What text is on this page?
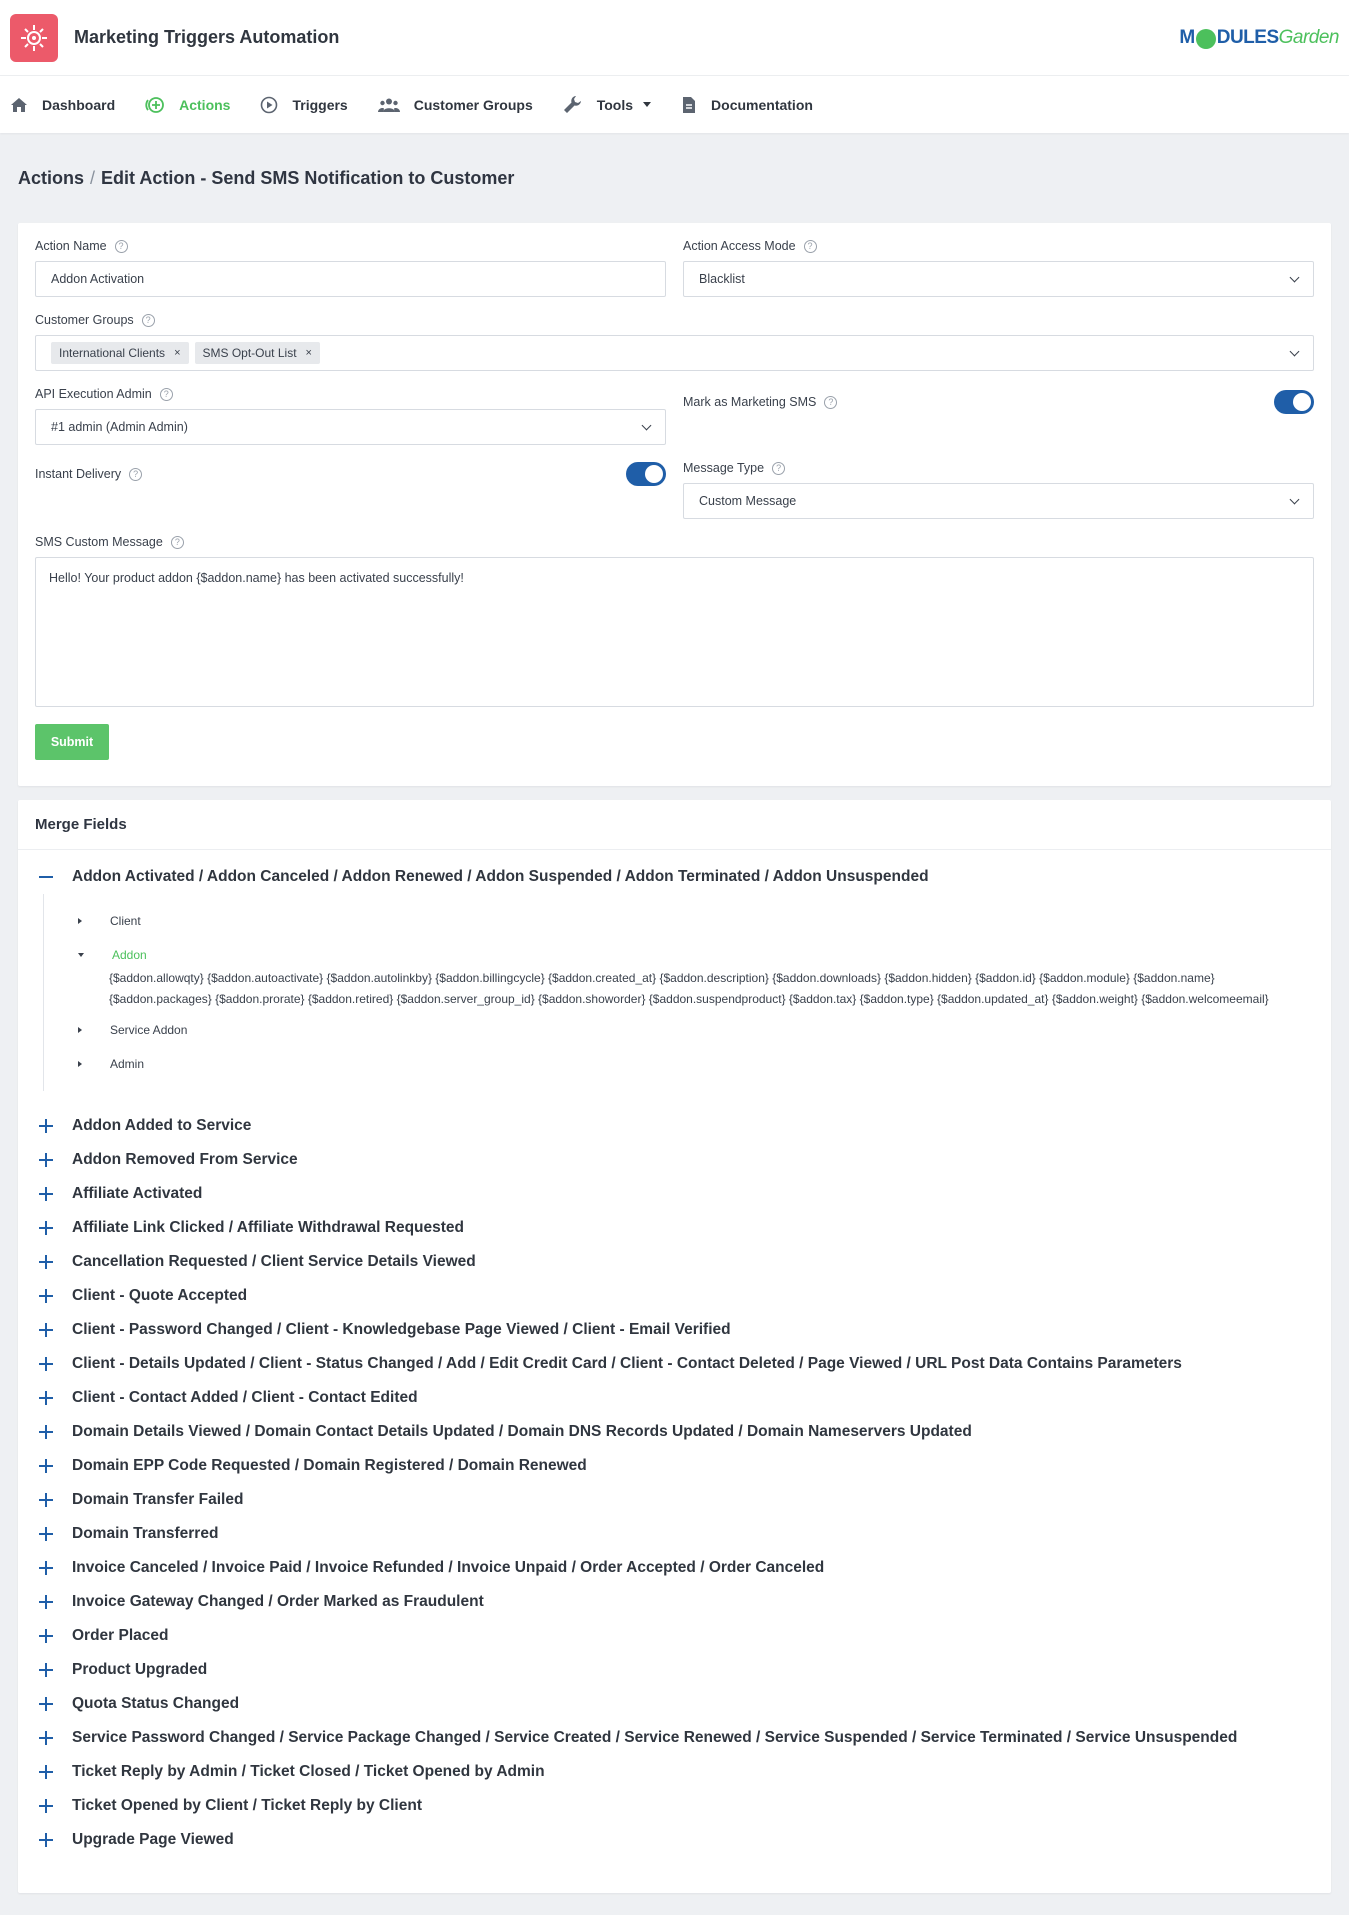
Marketing Triggers Automation	M DULES Garden
Dashboard	Actions	Triggers	Customer Groups	Tools	Documentation
Actions / Edit Action - Send SMS Notification to Customer
Action Name	?
Addon Activation
Action Access Mode	?
Blacklist
Customer Groups	?
International Clients × SMS Opt-Out List ×
API Execution Admin	?
#1 admin (Admin Admin)
Mark as Marketing SMS	?
Instant Delivery	?	Message Type	?
Custom Message
SMS Custom Message	?
Hello! Your product addon {$addon.name} has been activated successfully!
Submit
Merge Fields
Addon Activated / Addon Canceled / Addon Renewed / Addon Suspended / Addon Terminated / Addon Unsuspended
Client
Addon
{$addon.allowqty} {$addon.autoactivate} {$addon.autolinkby} {$addon.billingcycle} {$addon.created_at} {$addon.description} {$addon.downloads} {$addon.hidden} {$addon.id} {$addon.module} {$addon.name} {$addon.packages} {$addon.prorate} {$addon.retired} {$addon.server_group_id} {$addon.showorder} {$addon.suspendproduct} {$addon.tax} {$addon.type} {$addon.updated_at} {$addon.weight} {$addon.welcomeemail}
Service Addon
Admin
Addon Added to Service
Addon Removed From Service
Affiliate Activated
Affiliate Link Clicked / Affiliate Withdrawal Requested
Cancellation Requested / Client Service Details Viewed
Client - Quote Accepted
Client - Password Changed / Client - Knowledgebase Page Viewed / Client - Email Verified
Client - Details Updated / Client - Status Changed / Add / Edit Credit Card / Client - Contact Deleted / Page Viewed / URL Post Data Contains Parameters
Client - Contact Added / Client - Contact Edited
Domain Details Viewed / Domain Contact Details Updated / Domain DNS Records Updated / Domain Nameservers Updated
Domain EPP Code Requested / Domain Registered / Domain Renewed
Domain Transfer Failed
Domain Transferred
Invoice Canceled / Invoice Paid / Invoice Refunded / Invoice Unpaid / Order Accepted / Order Canceled
Invoice Gateway Changed / Order Marked as Fraudulent
Order Placed
Product Upgraded
Quota Status Changed
Service Password Changed / Service Package Changed / Service Created / Service Renewed / Service Suspended / Service Terminated / Service Unsuspended
Ticket Reply by Admin / Ticket Closed / Ticket Opened by Admin
Ticket Opened by Client / Ticket Reply by Client
Upgrade Page Viewed
